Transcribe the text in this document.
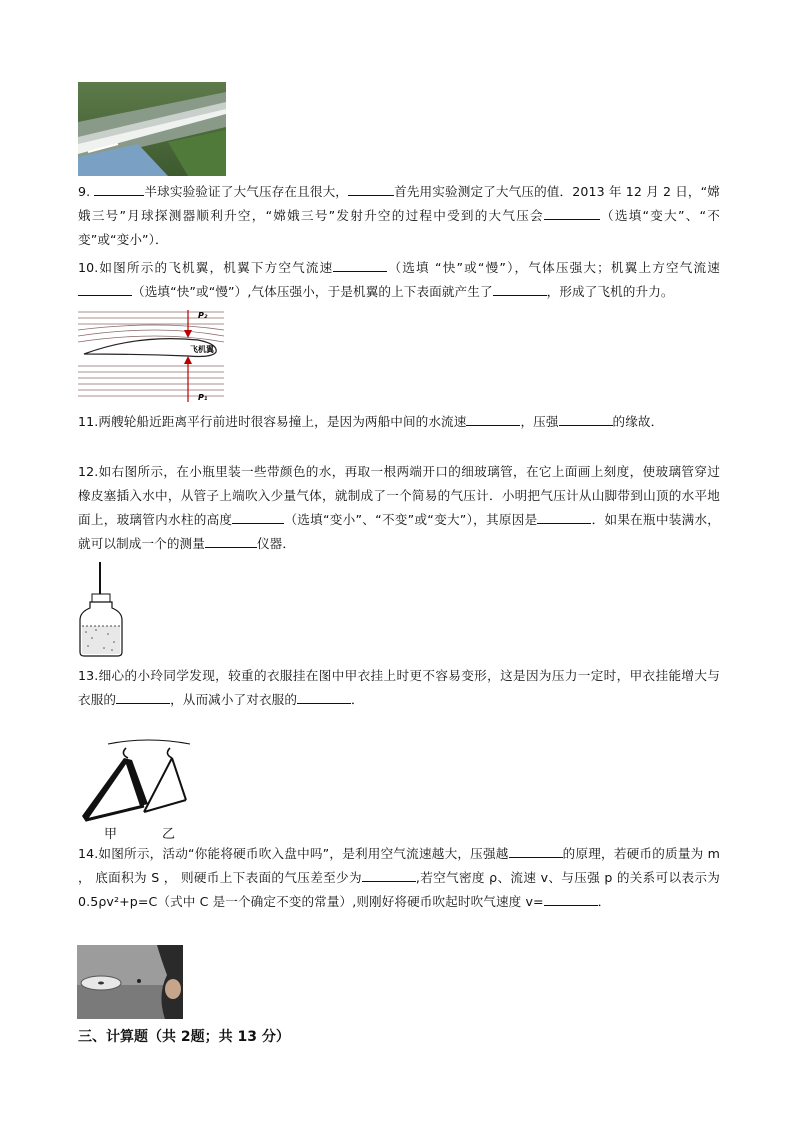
9.	半球实验验证了大气压存在且很大，	首先用实验测定了大气压的值．2013 年 12 月 2 日，“嫦娥三号”月球探测器顺利升空，“嫦娥三号”发射升空的过程中受到的大气压会	（选填“变大”、“不变”或“变小”）．
10.如图所示的飞机翼，机翼下方空气流速	（选填 “快”或“慢”），气体压强大；机翼上方空气流速（选填“快”或“慢”）,气体压强小，于是机翼的上下表面就产生了	，形成了飞机的升力。
飞机翼
P₂
P₁
11.两艘轮船近距离平行前进时很容易撞上，是因为两船中间的水流速	，压强	的缘故．
12.如右图所示，在小瓶里装一些带颜色的水，再取一根两端开口的细玻璃管，在它上面画上刻度，使玻璃管穿过橡皮塞插入水中，从管子上端吹入少量气体，就制成了一个简易的气压计．小明把气压计从山脚带到山顶的水平地面上，玻璃管内水柱的高度	（选填“变小”、“不变”或“变大”），其原因是	．如果在瓶中装满水，就可以制成一个的测量	仪器．
13.细心的小玲同学发现，较重的衣服挂在图中甲衣挂上时更不容易变形，这是因为压力一定时，甲衣挂能增大与衣服的	，从而减小了对衣服的	．
甲	乙
14.如图所示，活动“你能将硬币吹入盘中吗”，是利用空气流速越大，压强越	的原理，若硬币的质量为 m ， 底面积为 S ， 则硬币上下表面的气压差至少为	,若空气密度 ρ、流速 v、与压强 p 的关系可以表示为 0.5ρv²+p=C（式中 C 是一个确定不变的常量）,则刚好将硬币吹起时吹气速度 v=	．
三、计算题（共 2题；共 13 分）
